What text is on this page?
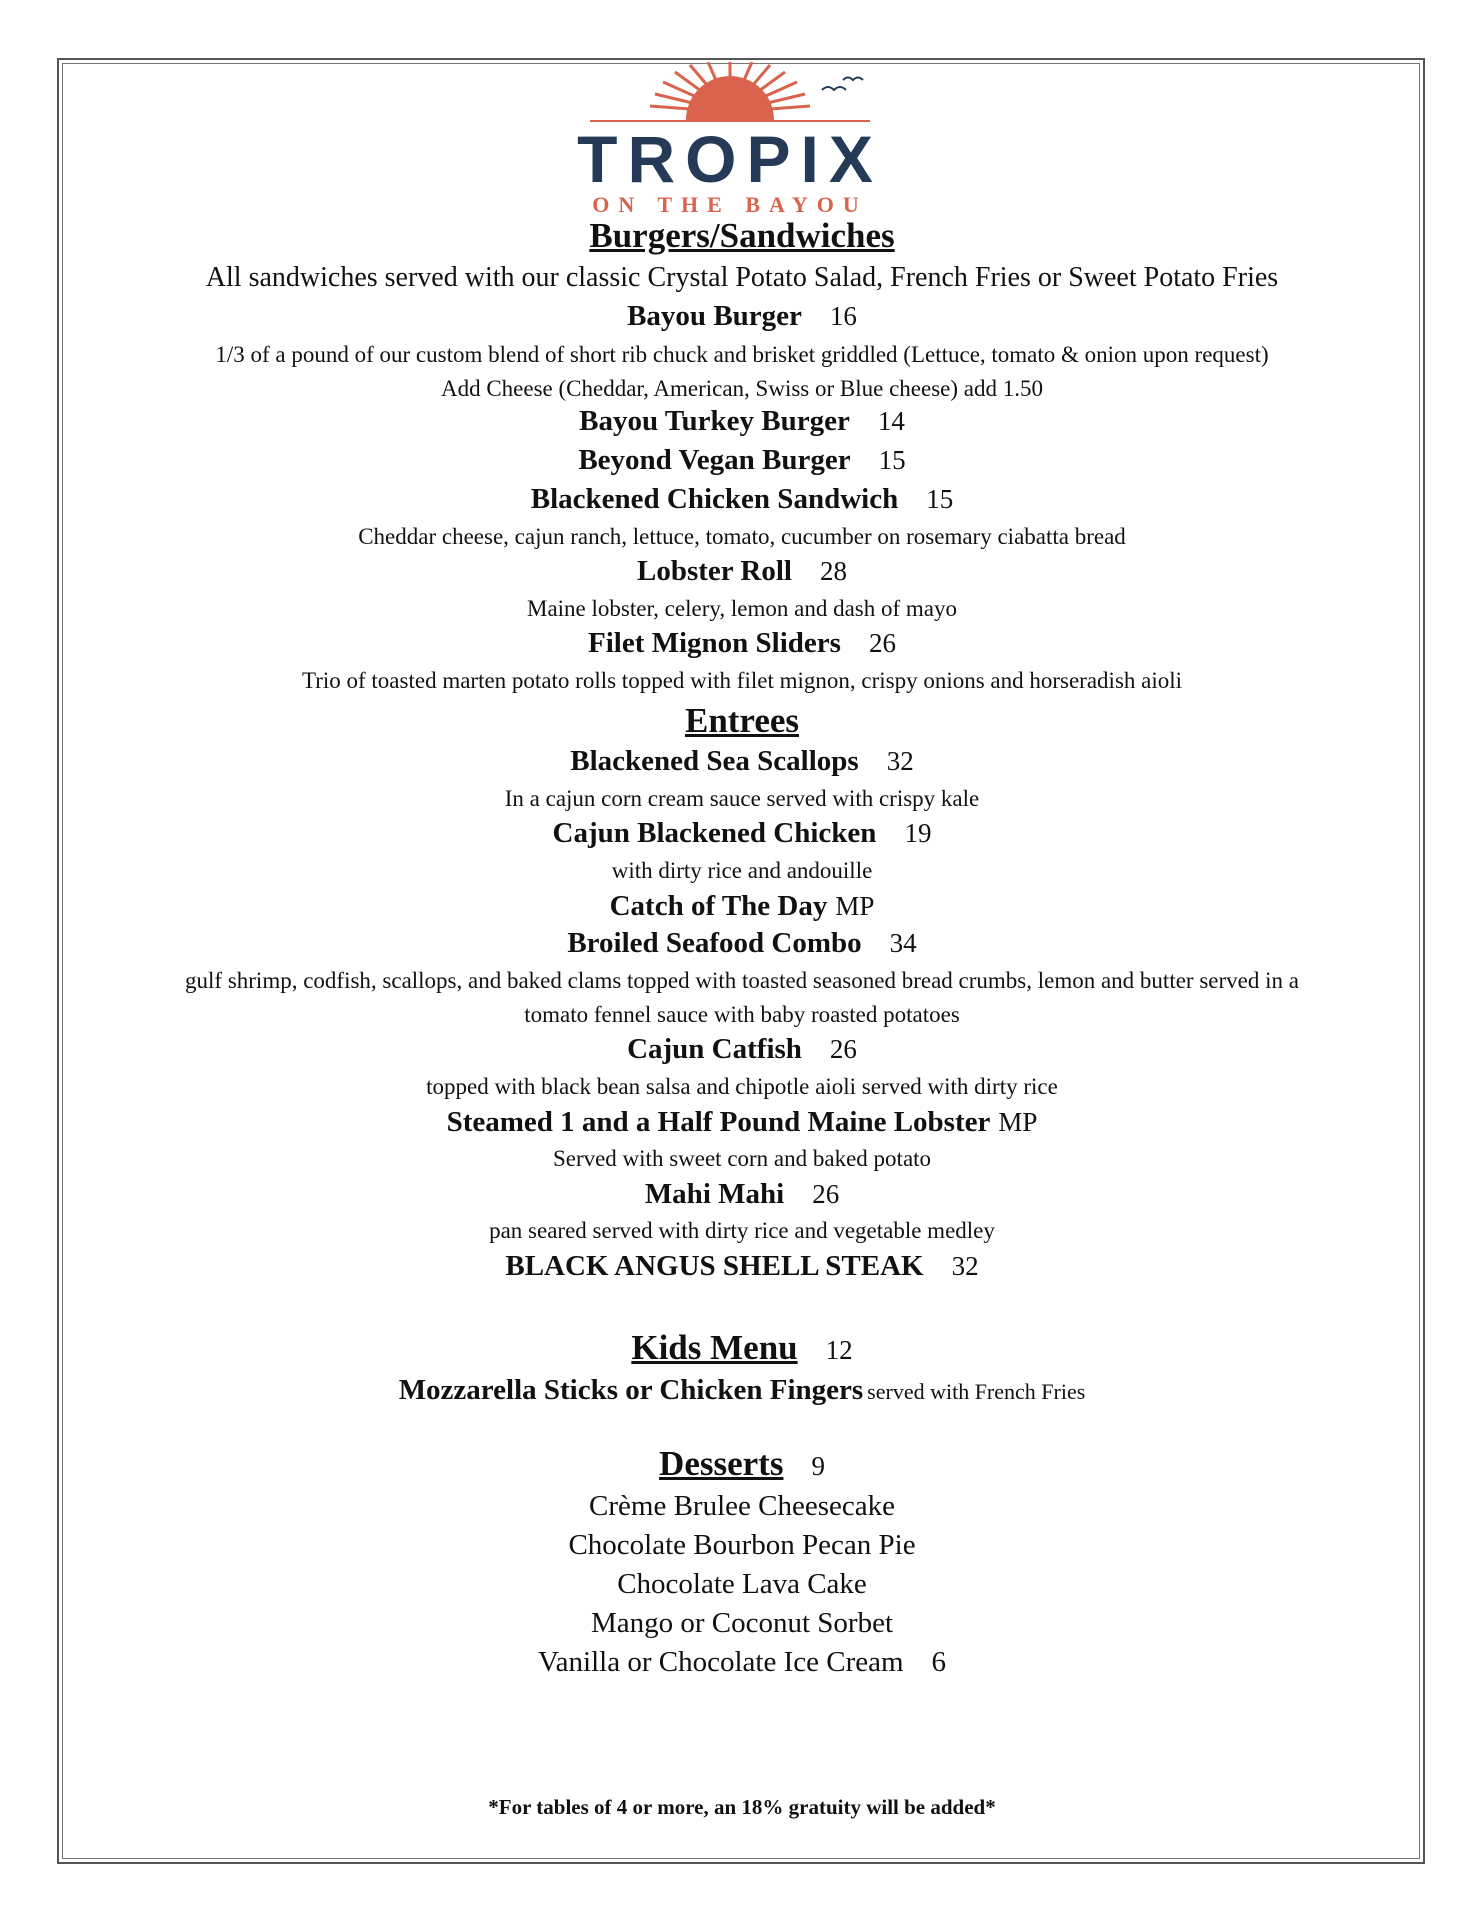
TROPIX
ON THE BAYOU
Burgers/Sandwiches
All sandwiches served with our classic Crystal Potato Salad, French Fries or Sweet Potato Fries
Bayou Burger 16
1/3 of a pound of our custom blend of short rib chuck and brisket griddled (Lettuce, tomato & onion upon request)
Add Cheese (Cheddar, American, Swiss or Blue cheese) add 1.50
Bayou Turkey Burger 14
Beyond Vegan Burger 15
Blackened Chicken Sandwich 15
Cheddar cheese, cajun ranch, lettuce, tomato, cucumber on rosemary ciabatta bread
Lobster Roll 28
Maine lobster, celery, lemon and dash of mayo
Filet Mignon Sliders 26
Trio of toasted marten potato rolls topped with filet mignon, crispy onions and horseradish aioli
Entrees
Blackened Sea Scallops 32
In a cajun corn cream sauce served with crispy kale
Cajun Blackened Chicken 19
with dirty rice and andouille
Catch of The Day MP
Broiled Seafood Combo 34
gulf shrimp, codfish, scallops, and baked clams topped with toasted seasoned bread crumbs, lemon and butter served in a
tomato fennel sauce with baby roasted potatoes
Cajun Catfish 26
topped with black bean salsa and chipotle aioli served with dirty rice
Steamed 1 and a Half Pound Maine Lobster MP
Served with sweet corn and baked potato
Mahi Mahi 26
pan seared served with dirty rice and vegetable medley
BLACK ANGUS SHELL STEAK 32
Kids Menu 12
Mozzarella Sticks or Chicken Fingers served with French Fries
Desserts 9
Crème Brulee Cheesecake
Chocolate Bourbon Pecan Pie
Chocolate Lava Cake
Mango or Coconut Sorbet
Vanilla or Chocolate Ice Cream 6
*For tables of 4 or more, an 18% gratuity will be added*
